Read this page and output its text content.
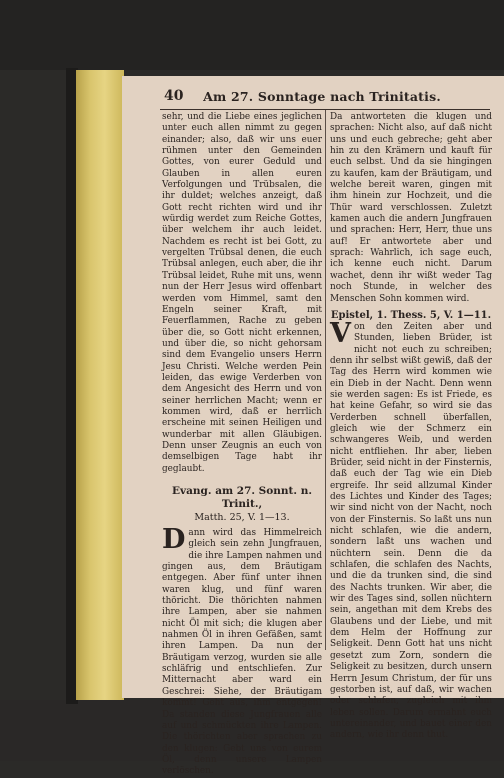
40	Am 27. Sonntage nach Trinitatis.

sehr, und die Liebe eines jeglichen unter euch allen nimmt zu gegen einander; also, daß wir uns euer rühmen unter den Gemeinden Gottes, von eurer Geduld und Glauben in allen euren Verfolgungen und Trübsalen, die ihr duldet; welches anzeigt, daß Gott recht richten wird und ihr würdig werdet zum Reiche Gottes, über welchem ihr auch leidet. Nachdem es recht ist bei Gott, zu vergelten Trübsal denen, die euch Trübsal anlegen, euch aber, die ihr Trübsal leidet, Ruhe mit uns, wenn nun der Herr Jesus wird offenbart werden vom Himmel, samt den Engeln seiner Kraft, mit Feuerflammen, Rache zu geben über die, so Gott nicht erkennen, und über die, so nicht gehorsam sind dem Evangelio unsers Herrn Jesu Christi. Welche werden Pein leiden, das ewige Verderben von dem Angesicht des Herrn und von seiner herrlichen Macht; wenn er kommen wird, daß er herrlich erscheine mit seinen Heiligen und wunderbar mit allen Gläubigen. Denn unser Zeugnis an euch von demselbigen Tage habt ihr geglaubt.

Evang. am 27. Sonnt. n. Trinit.,
Matth. 25, V. 1—13.

Dann wird das Himmelreich gleich sein zehn Jungfrauen, die ihre Lampen nahmen und gingen aus, dem Bräutigam entgegen. Aber fünf unter ihnen waren klug, und fünf waren thöricht. Die thörichten nahmen ihre Lampen, aber sie nahmen nicht Öl mit sich; die klugen aber nahmen Öl in ihren Gefäßen, samt ihren Lampen. Da nun der Bräutigam verzog, wurden sie alle schläfrig und entschliefen. Zur Mitternacht aber ward ein Geschrei: Siehe, der Bräutigam kommt! Geht aus, ihm entgegen! Da standen diese Jungfrauen alle auf und schmückten ihre Lampen. Die thörichten aber sprachen zu den klugen: Gebt uns von eurem Öl, denn unsere Lampen verlöschen.

Da antworteten die klugen und sprachen: Nicht also, auf daß nicht uns und euch gebreche; geht aber hin zu den Krämern und kauft für euch selbst. Und da sie hingingen zu kaufen, kam der Bräutigam, und welche bereit waren, gingen mit ihm hinein zur Hochzeit, und die Thür ward verschlossen. Zuletzt kamen auch die andern Jungfrauen und sprachen: Herr, Herr, thue uns auf! Er antwortete aber und sprach: Wahrlich, ich sage euch, ich kenne euch nicht. Darum wachet, denn ihr wißt weder Tag noch Stunde, in welcher des Menschen Sohn kommen wird.

Epistel, 1. Thess. 5, V. 1—11.

Von den Zeiten aber und Stunden, lieben Brüder, ist nicht not euch zu schreiben; denn ihr selbst wißt gewiß, daß der Tag des Herrn wird kommen wie ein Dieb in der Nacht. Denn wenn sie werden sagen: Es ist Friede, es hat keine Gefahr, so wird sie das Verderben schnell überfallen, gleich wie der Schmerz ein schwangeres Weib, und werden nicht entfliehen. Ihr aber, lieben Brüder, seid nicht in der Finsternis, daß euch der Tag wie ein Dieb ergreife. Ihr seid allzumal Kinder des Lichtes und Kinder des Tages; wir sind nicht von der Nacht, noch von der Finsternis. So laßt uns nun nicht schlafen, wie die andern, sondern laßt uns wachen und nüchtern sein. Denn die da schlafen, die schlafen des Nachts, und die da trunken sind, die sind des Nachts trunken. Wir aber, die wir des Tages sind, sollen nüchtern sein, angethan mit dem Krebs des Glaubens und der Liebe, und mit dem Helm der Hoffnung zur Seligkeit. Denn Gott hat uns nicht gesetzt zum Zorn, sondern die Seligkeit zu besitzen, durch unsern Herrn Jesum Christum, der für uns gestorben ist, auf daß, wir wachen oder schlafen, zugleich mit ihm leben sollen. Darum ermahnt euch untereinander, und bauet einer den andern, wie ihr denn thut.
